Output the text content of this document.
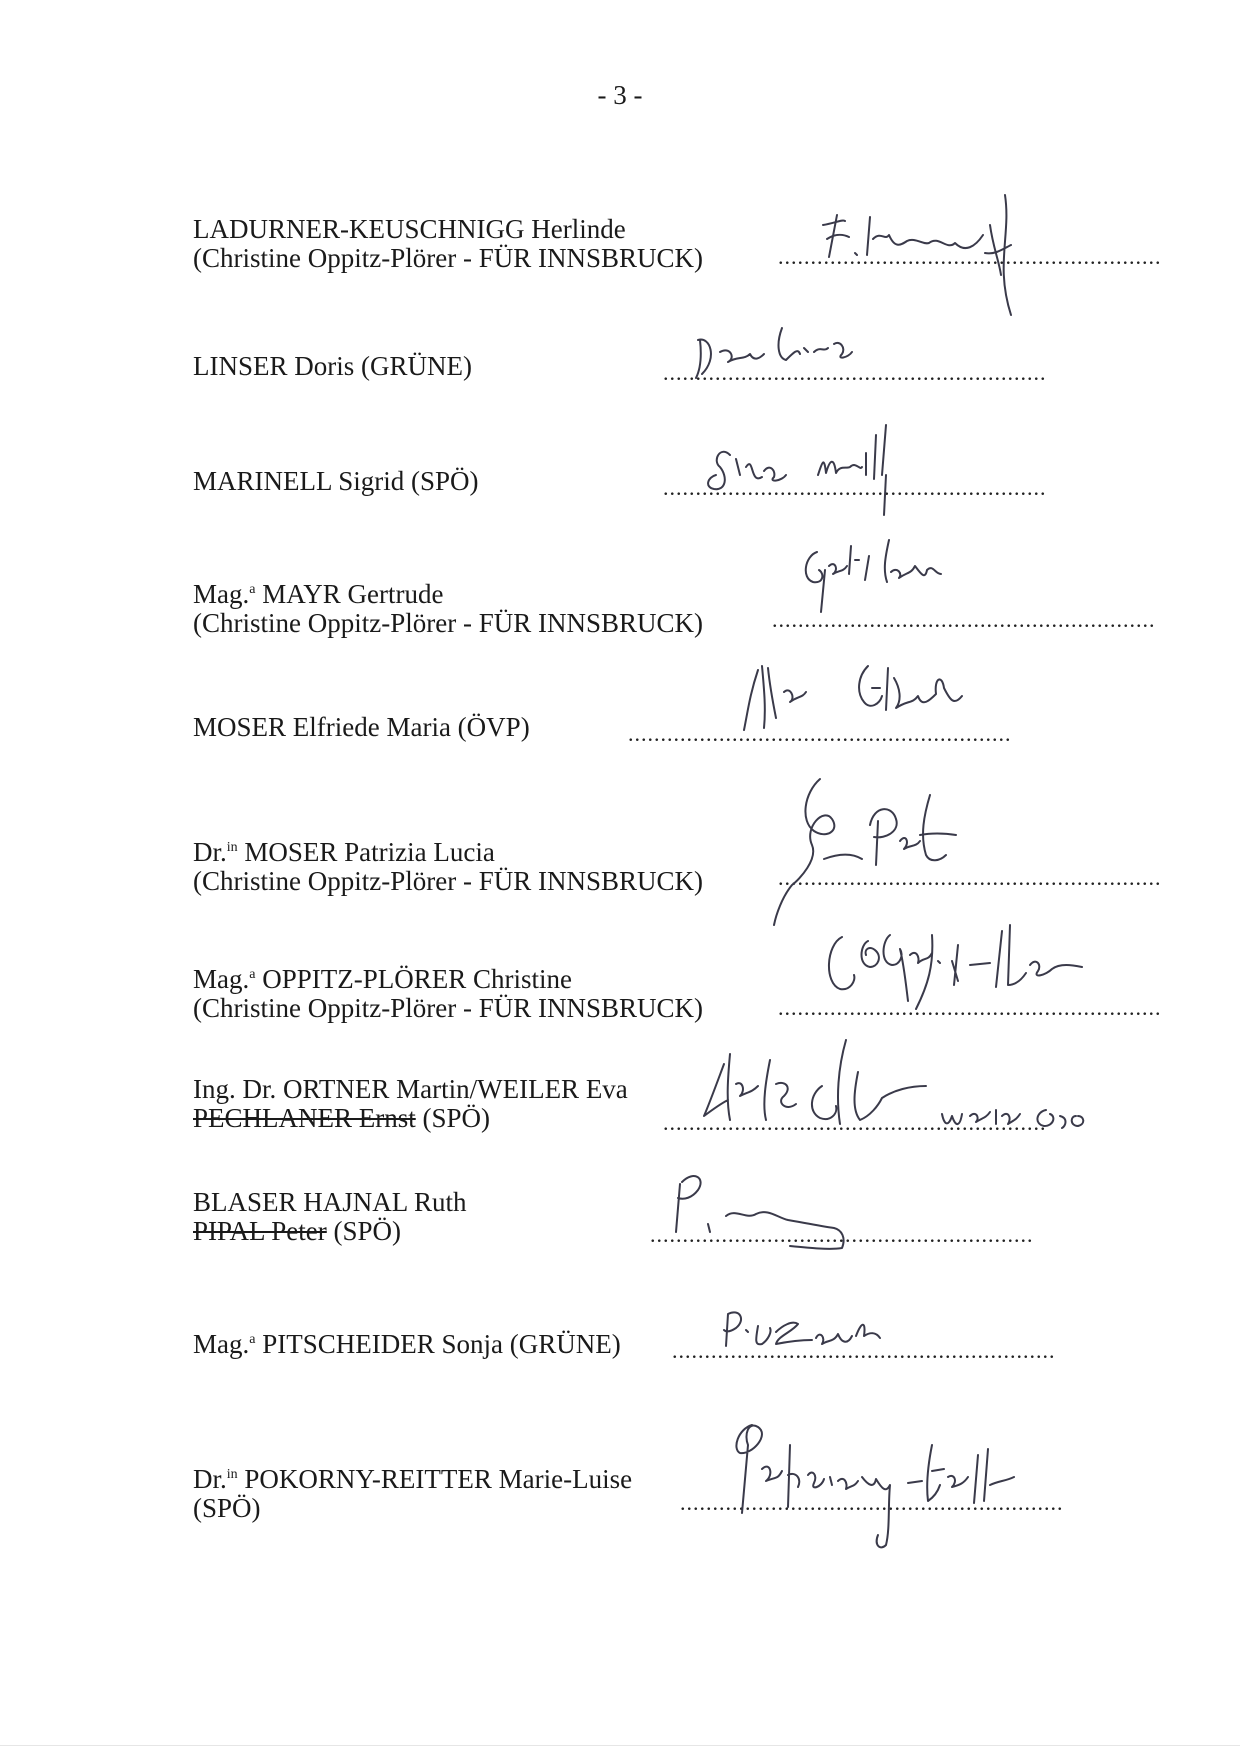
- 3 -
LADURNER-KEUSCHNIGG Herlinde
(Christine Oppitz-Plörer - FÜR INNSBRUCK)	...........................................................
LINSER Doris (GRÜNE)	...........................................................
MARINELL Sigrid (SPÖ)	...........................................................
Mag.$^a$ MAYR Gertrude
(Christine Oppitz-Plörer - FÜR INNSBRUCK)	...........................................................
MOSER Elfriede Maria (ÖVP)	...........................................................
Dr.$^{in}$ MOSER Patrizia Lucia
(Christine Oppitz-Plörer - FÜR INNSBRUCK)	...........................................................
Mag.$^a$ OPPITZ-PLÖRER Christine
(Christine Oppitz-Plörer - FÜR INNSBRUCK)	...........................................................
Ing. Dr. ORTNER Martin/WEILER Eva
PECHLANER Ernst (SPÖ)	...........................................................
BLASER HAJNAL Ruth
PIPAL Peter (SPÖ)	...........................................................
Mag.$^a$ PITSCHEIDER Sonja (GRÜNE) ...........................................................
Dr.$^{in}$ POKORNY-REITTER Marie-Luise
(SPÖ)	...........................................................
